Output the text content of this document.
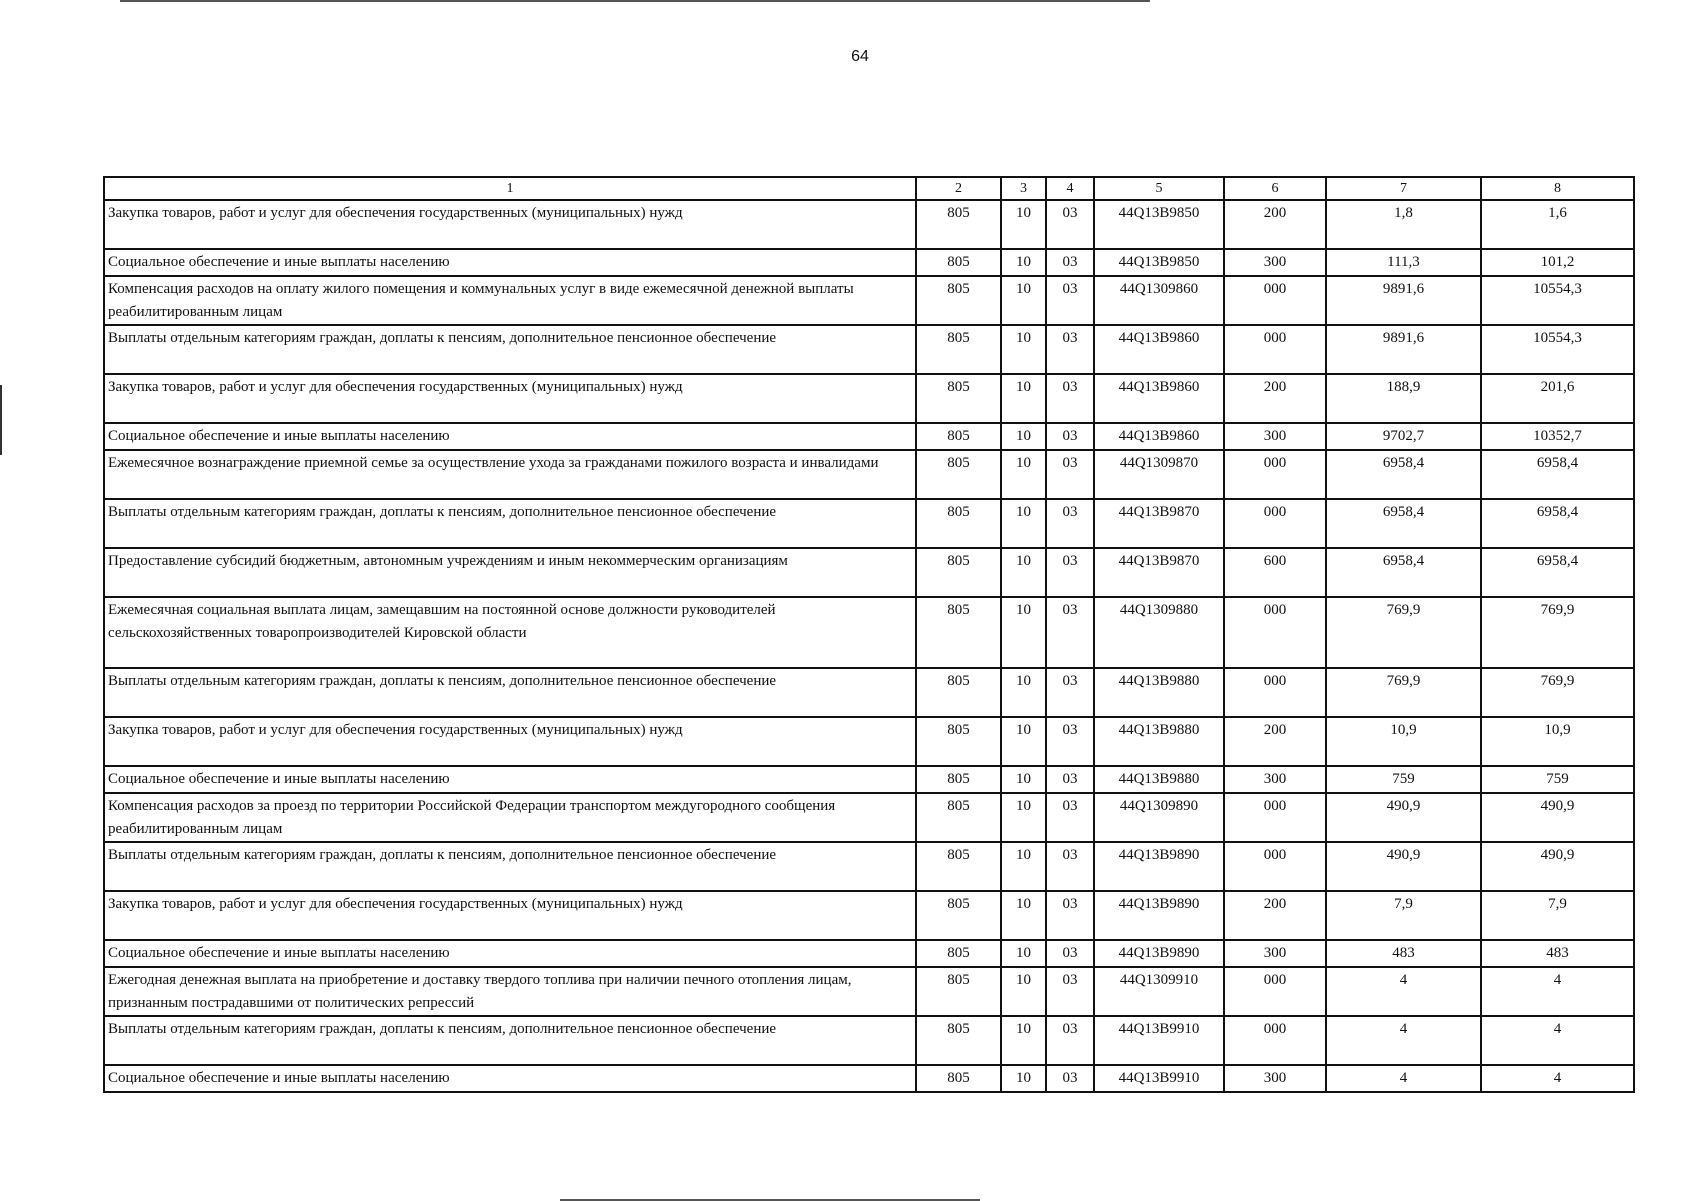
64
1	2	3	4	5	6	7	8
Закупка товаров, работ и услуг для обеспечения государственных (муниципальных) нужд	805	10	03	44Q13B9850	200	1,8	1,6
Социальное обеспечение и иные выплаты населению	805	10	03	44Q13B9850	300	111,3	101,2
Компенсация расходов на оплату жилого помещения и коммунальных услуг в виде ежемесячной денежной выплаты реабилитированным лицам	805	10	03	44Q1309860	000	9891,6	10554,3
Выплаты отдельным категориям граждан, доплаты к пенсиям, дополнительное пенсионное обеспечение	805	10	03	44Q13B9860	000	9891,6	10554,3
Закупка товаров, работ и услуг для обеспечения государственных (муниципальных) нужд	805	10	03	44Q13B9860	200	188,9	201,6
Социальное обеспечение и иные выплаты населению	805	10	03	44Q13B9860	300	9702,7	10352,7
Ежемесячное вознаграждение приемной семье за осуществление ухода за гражданами пожилого возраста и инвалидами	805	10	03	44Q1309870	000	6958,4	6958,4
Выплаты отдельным категориям граждан, доплаты к пенсиям, дополнительное пенсионное обеспечение	805	10	03	44Q13B9870	000	6958,4	6958,4
Предоставление субсидий бюджетным, автономным учреждениям и иным некоммерческим организациям	805	10	03	44Q13B9870	600	6958,4	6958,4
Ежемесячная социальная выплата лицам, замещавшим на постоянной основе должности руководителей сельскохозяйственных товаропроизводителей Кировской области	805	10	03	44Q1309880	000	769,9	769,9
Выплаты отдельным категориям граждан, доплаты к пенсиям, дополнительное пенсионное обеспечение	805	10	03	44Q13B9880	000	769,9	769,9
Закупка товаров, работ и услуг для обеспечения государственных (муниципальных) нужд	805	10	03	44Q13B9880	200	10,9	10,9
Социальное обеспечение и иные выплаты населению	805	10	03	44Q13B9880	300	759	759
Компенсация расходов за проезд по территории Российской Федерации транспортом междугородного сообщения реабилитированным лицам	805	10	03	44Q1309890	000	490,9	490,9
Выплаты отдельным категориям граждан, доплаты к пенсиям, дополнительное пенсионное обеспечение	805	10	03	44Q13B9890	000	490,9	490,9
Закупка товаров, работ и услуг для обеспечения государственных (муниципальных) нужд	805	10	03	44Q13B9890	200	7,9	7,9
Социальное обеспечение и иные выплаты населению	805	10	03	44Q13B9890	300	483	483
Ежегодная денежная выплата на приобретение и доставку твердого топлива при наличии печного отопления лицам, признанным пострадавшими от политических репрессий	805	10	03	44Q1309910	000	4	4
Выплаты отдельным категориям граждан, доплаты к пенсиям, дополнительное пенсионное обеспечение	805	10	03	44Q13B9910	000	4	4
Социальное обеспечение и иные выплаты населению	805	10	03	44Q13B9910	300	4	4
